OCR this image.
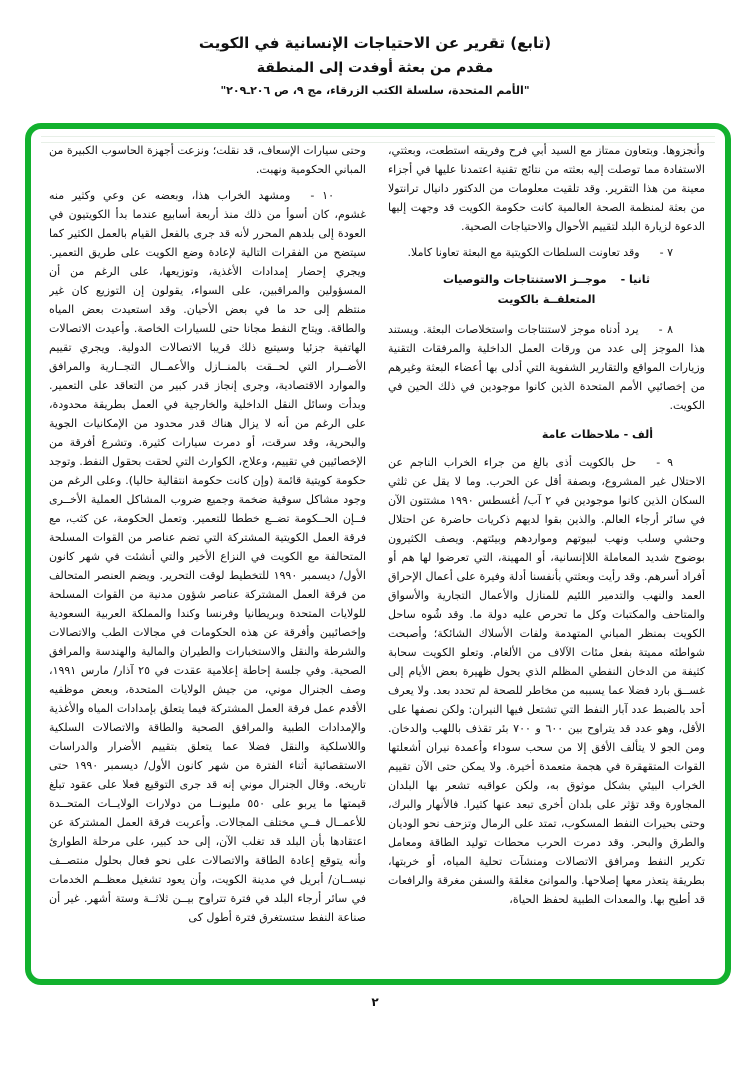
(تابع) تقرير عن الاحتياجات الإنسانية في الكويت
مقدم من بعثة أوفدت إلى المنطقة
"الأمم المتحدة، سلسلة الكتب الزرقاء، مج ٩، ص ٢٠٦ـ٢٠٩"

وأنجزوها. وبتعاون ممتاز مع السيد أبي فرح وفريقه استطعت، وبعثتي، الاستفادة مما توصلت إليه بعثته من نتائج تقنية اعتمدنا عليها في أجزاء معينة من هذا التقرير. وقد تلقيت معلومات من الدكتور دانيال ترانتولا من بعثة لمنظمة الصحة العالمية كانت حكومة الكويت قد وجهت إليها الدعوة لزيارة البلد لتقييم الأحوال والاحتياجات الصحية.

٧ -وقد تعاونت السلطات الكويتية مع البعثة تعاونا كاملا.

ثانيا -موجــز الاستنتاجات والتوصيات
المتعلقــة بالكويت

٨ -يرد أدناه موجز لاستنتاجات واستخلاصات البعثة. ويستند هذا الموجز إلى عدد من ورقات العمل الداخلية والمرفقات التقنية وزيارات المواقع والتقارير الشفوية التي أدلى بها أعضاء البعثة وغيرهم من إخصائيي الأمم المتحدة الذين كانوا موجودين في ذلك الحين في الكويت.

ألف - ملاحظات عامة

٩ -حل بالكويت أذى بالغ من جراء الخراب الناجم عن الاحتلال غير المشروع، وبصفة أقل عن الحرب. وما لا يقل عن ثلثي السكان الذين كانوا موجودين في ٢ آب/ أغسطس ١٩٩٠ مشتتون الآن في سائر أرجاء العالم. والذين بقوا لديهم ذكريات حاضرة عن احتلال وحشي وسلب ونهب لبيوتهم ومواردهم وبيئتهم. ويصف الكثيرون بوضوح شديد المعاملة اللاإنسانية، أو المهينة، التي تعرضوا لها هم أو أفراد أسرهم. وقد رأيت وبعثتي بأنفسنا أدلة وفيرة على أعمال الإحراق العمد والنهب والتدمير اللئيم للمنازل والأعمال التجارية والأسواق والمتاحف والمكتبات وكل ما تحرص عليه دولة ما. وقد شُوه ساحل الكويت بمنظر المباني المتهدمة ولفات الأسلاك الشائكة؛ وأصبحت شواطئه مميتة بفعل مئات الآلاف من الألغام. وتعلو الكويت سحابة كثيفة من الدخان النفطي المظلم الذي يحول ظهيرة بعض الأيام إلى غســق بارد فضلا عما يسببه من مخاطر للصحة لم تحدد بعد. ولا يعرف أحد بالضبط عدد آبار النفط التي تشتعل فيها النيران: ولكن نصفها على الأقل، وهو عدد قد يتراوح بين ٦٠٠ و ٧٠٠ بئر تقذف باللهب والدخان. ومن الجو لا يتألف الأفق إلا من سحب سوداء وأعمدة نيران أشعلتها القوات المتقهقرة في هجمة متعمدة أخيرة. ولا يمكن حتى الآن تقييم الخراب البيئي بشكل موثوق به، ولكن عواقبه تشعر بها البلدان المجاورة وقد تؤثر على بلدان أخرى تبعد عنها كثيرا. فالأنهار والبرك، وحتى بحيرات النفط المسكوب، تمتد على الرمال وتزحف نحو الوديان والطرق والبحر. وقد دمرت الحرب محطات توليد الطاقة ومعامل تكرير النفط ومرافق الاتصالات ومنشآت تحلية المياه، أو خربتها، بطريقة يتعذر معها إصلاحها. والموانئ مغلقة والسفن مغرقة والرافعات قد أطيح بها. والمعدات الطبية لحفظ الحياة،

وحتى سيارات الإسعاف، قد نقلت؛ ونزعت أجهزة الحاسوب الكبيرة من المباني الحكومية ونهبت.

١٠ -ومشهد الخراب هذا، وبعضه عن وعي وكثير منه غشوم، كان أسوأ من ذلك منذ أربعة أسابيع عندما بدأ الكويتيون في العودة إلى بلدهم المحرر لأنه قد جرى بالفعل القيام بالعمل الكثير كما سيتضح من الفقرات التالية لإعادة وضع الكويت على طريق التعمير. ويجري إحضار إمدادات الأغذية، وتوزيعها، على الرغم من أن المسؤولين والمراقبين، على السواء، يقولون إن التوزيع كان غير منتظم إلى حد ما في بعض الأحيان. وقد استعيدت بعض المياه والطاقة. ويتاح النفط مجانا حتى للسيارات الخاصة. وأعيدت الاتصالات الهاتفية جزئيا وسيتبع ذلك قريبا الاتصالات الدولية. ويجري تقييم الأضــرار التي لحــقت بالمنــازل والأعمــال التجــارية والمرافق والموارد الاقتصادية، وجرى إنجاز قدر كبير من التعاقد على التعمير. وبدأت وسائل النقل الداخلية والخارجية في العمل بطريقة محدودة، على الرغم من أنه لا يزال هناك قدر محدود من الإمكانيات الجوية والبحرية، وقد سرقت، أو دمرت سيارات كثيرة. وتشرع أفرقة من الإخصائيين في تقييم، وعلاج، الكوارث التي لحقت بحقول النفط. وتوجد حكومة كويتية قائمة (وإن كانت حكومة انتقالية حاليا). وعلى الرغم من وجود مشاكل سوقية ضخمة وجميع ضروب المشاكل العملية الأخــرى فــإن الحــكومة تضــع خططا للتعمير. وتعمل الحكومة، عن كثب، مع فرقة العمل الكويتية المشتركة التي تضم عناصر من القوات المسلحة المتحالفة مع الكويت في النزاع الأخير والتي أنشئت في شهر كانون الأول/ ديسمبر ١٩٩٠ للتخطيط لوقت التحرير. ويضم العنصر المتحالف من فرقة العمل المشتركة عناصر شؤون مدنية من القوات المسلحة للولايات المتحدة وبريطانيا وفرنسا وكندا والمملكة العربية السعودية وإخصائيين وأفرقة عن هذه الحكومات في مجالات الطب والاتصالات والشرطة والنقل والاستخبارات والطيران والمالية والهندسة والمرافق الصحية. وفي جلسة إحاطة إعلامية عقدت في ٢٥ آذار/ مارس ١٩٩١، وصف الجنرال موني، من جيش الولايات المتحدة، وبعض موظفيه الأقدم عمل فرقة العمل المشتركة فيما يتعلق بإمدادات المياه والأغذية والإمدادات الطبية والمرافق الصحية والطاقة والاتصالات السلكية واللاسلكية والنقل فضلا عما يتعلق بتقييم الأضرار والدراسات الاستقصائية أثناء الفترة من شهر كانون الأول/ ديسمبر ١٩٩٠ حتى تاريخه. وقال الجنرال موني إنه قد جرى التوقيع فعلا على عقود تبلغ قيمتها ما يربو على ٥٥٠ مليونــا من دولارات الولايــات المتحــدة للأعمــال فــي مختلف المجالات. وأعربت فرقة العمل المشتركة عن اعتقادها بأن البلد قد تغلب الآن، إلى حد كبير، على مرحلة الطوارئ وأنه يتوقع إعادة الطاقة والاتصالات على نحو فعال بحلول منتصــف نيســان/ أبريل في مدينة الكويت، وأن يعود تشغيل معظــم الخدمات في سائر أرجاء البلد في فترة تتراوح بيــن ثلاثــة وستة أشهر. غير أن صناعة النفط ستستغرق فترة أطول كى

٢
